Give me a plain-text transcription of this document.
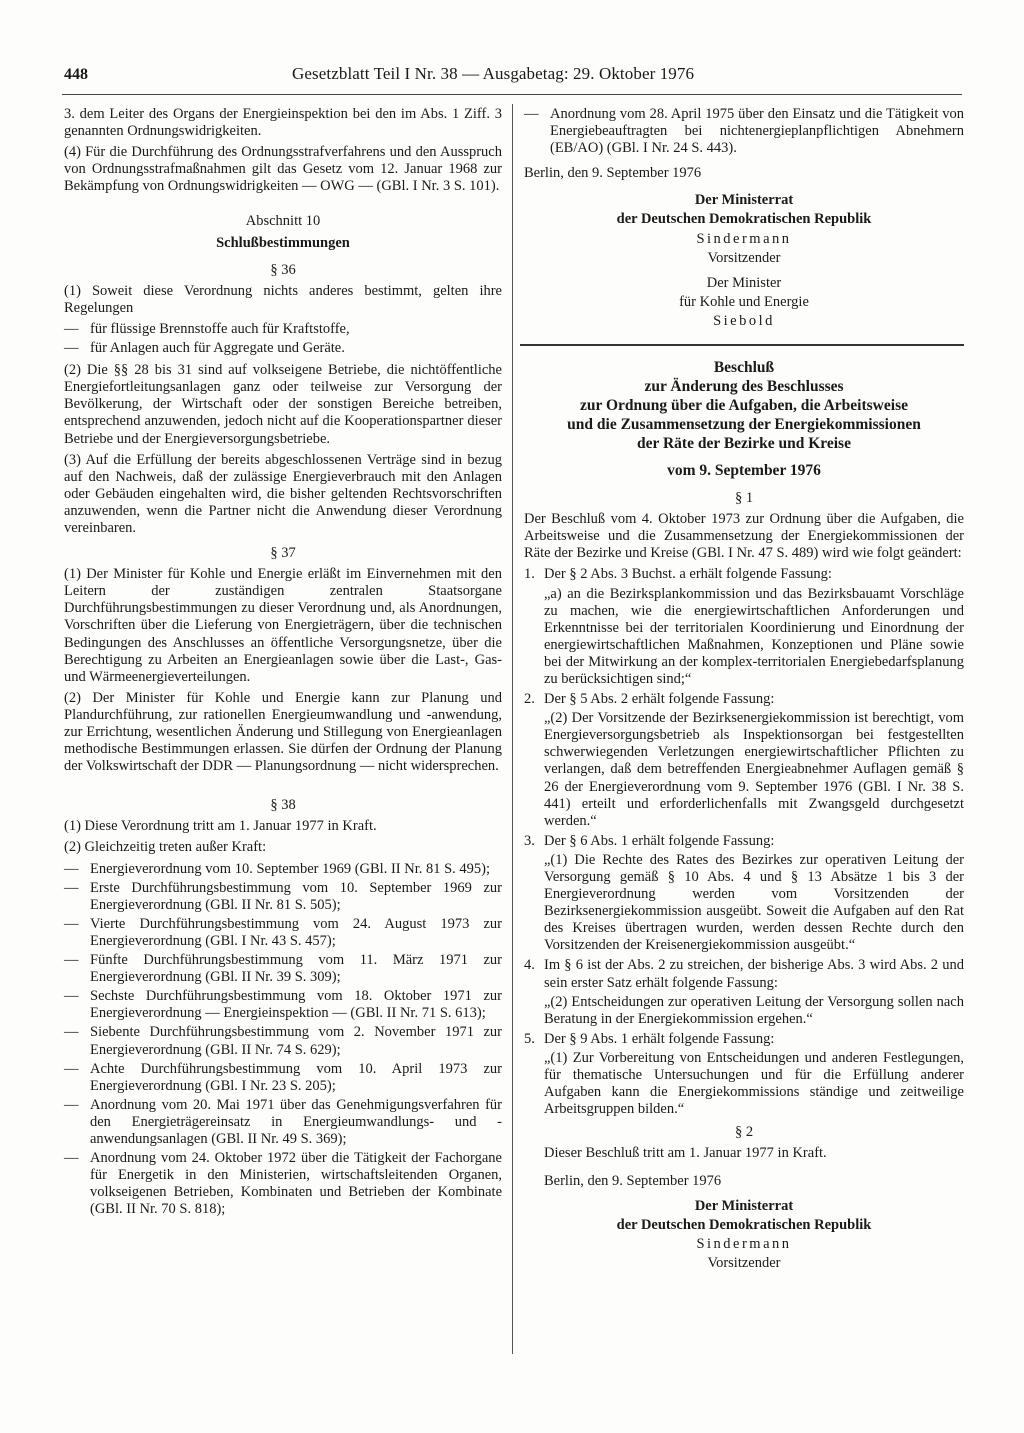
448	Gesetzblatt Teil I Nr. 38 — Ausgabetag: 29. Oktober 1976

3. dem Leiter des Organs der Energieinspektion bei den im Abs. 1 Ziff. 3 genannten Ordnungswidrigkeiten.

(4) Für die Durchführung des Ordnungsstrafverfahrens und den Ausspruch von Ordnungsstrafmaßnahmen gilt das Gesetz vom 12. Januar 1968 zur Bekämpfung von Ordnungswidrigkeiten — OWG — (GBl. I Nr. 3 S. 101).

Abschnitt 10
Schlußbestimmungen
§ 36

(1) Soweit diese Verordnung nichts anderes bestimmt, gelten ihre Regelungen

— für flüssige Brennstoffe auch für Kraftstoffe,
— für Anlagen auch für Aggregate und Geräte.

(2) Die §§ 28 bis 31 sind auf volkseigene Betriebe, die nichtöffentliche Energiefortleitungsanlagen ganz oder teilweise zur Versorgung der Bevölkerung, der Wirtschaft oder der sonstigen Bereiche betreiben, entsprechend anzuwenden, jedoch nicht auf die Kooperationspartner dieser Betriebe und der Energieversorgungsbetriebe.

(3) Auf die Erfüllung der bereits abgeschlossenen Verträge sind in bezug auf den Nachweis, daß der zulässige Energieverbrauch mit den Anlagen oder Gebäuden eingehalten wird, die bisher geltenden Rechtsvorschriften anzuwenden, wenn die Partner nicht die Anwendung dieser Verordnung vereinbaren.

§ 37

(1) Der Minister für Kohle und Energie erläßt im Einvernehmen mit den Leitern der zuständigen zentralen Staatsorgane Durchführungsbestimmungen zu dieser Verordnung und, als Anordnungen, Vorschriften über die Lieferung von Energieträgern, über die technischen Bedingungen des Anschlusses an öffentliche Versorgungsnetze, über die Berechtigung zu Arbeiten an Energieanlagen sowie über die Last-, Gas- und Wärmeenergieverteilungen.

(2) Der Minister für Kohle und Energie kann zur Planung und Plandurchführung, zur rationellen Energieumwandlung und -anwendung, zur Errichtung, wesentlichen Änderung und Stillegung von Energieanlagen methodische Bestimmungen erlassen. Sie dürfen der Ordnung der Planung der Volkswirtschaft der DDR — Planungsordnung — nicht widersprechen.

§ 38

(1) Diese Verordnung tritt am 1. Januar 1977 in Kraft.

(2) Gleichzeitig treten außer Kraft:

— Energieverordnung vom 10. September 1969 (GBl. II Nr. 81 S. 495);
— Erste Durchführungsbestimmung vom 10. September 1969 zur Energieverordnung (GBl. II Nr. 81 S. 505);
— Vierte Durchführungsbestimmung vom 24. August 1973 zur Energieverordnung (GBl. I Nr. 43 S. 457);
— Fünfte Durchführungsbestimmung vom 11. März 1971 zur Energieverordnung (GBl. II Nr. 39 S. 309);
— Sechste Durchführungsbestimmung vom 18. Oktober 1971 zur Energieverordnung — Energieinspektion — (GBl. II Nr. 71 S. 613);
— Siebente Durchführungsbestimmung vom 2. November 1971 zur Energieverordnung (GBl. II Nr. 74 S. 629);
— Achte Durchführungsbestimmung vom 10. April 1973 zur Energieverordnung (GBl. I Nr. 23 S. 205);
— Anordnung vom 20. Mai 1971 über das Genehmigungsverfahren für den Energieträgereinsatz in Energieumwandlungs- und -anwendungsanlagen (GBl. II Nr. 49 S. 369);
— Anordnung vom 24. Oktober 1972 über die Tätigkeit der Fachorgane für Energetik in den Ministerien, wirtschaftsleitenden Organen, volkseigenen Betrieben, Kombinaten und Betrieben der Kombinate (GBl. II Nr. 70 S. 818);
— Anordnung vom 28. April 1975 über den Einsatz und die Tätigkeit von Energiebeauftragten bei nichtenergieplanpflichtigen Abnehmern (EB/AO) (GBl. I Nr. 24 S. 443).

Berlin, den 9. September 1976

Der Ministerrat
der Deutschen Demokratischen Republik
Sindermann
Vorsitzender
Der Minister
für Kohle und Energie
Siebold
Beschluß
zur Änderung des Beschlusses
zur Ordnung über die Aufgaben, die Arbeitsweise
und die Zusammensetzung der Energiekommissionen
der Räte der Bezirke und Kreise
vom 9. September 1976
§ 1

Der Beschluß vom 4. Oktober 1973 zur Ordnung über die Aufgaben, die Arbeitsweise und die Zusammensetzung der Energiekommissionen der Räte der Bezirke und Kreise (GBl. I Nr. 47 S. 489) wird wie folgt geändert:

1. Der § 2 Abs. 3 Buchst. a erhält folgende Fassung:
„a) an die Bezirksplankommission und das Bezirksbauamt Vorschläge zu machen, wie die energiewirtschaftlichen Anforderungen und Erkenntnisse bei der territorialen Koordinierung und Einordnung der energiewirtschaftlichen Maßnahmen, Konzeptionen und Pläne sowie bei der Mitwirkung an der komplex-territorialen Energiebedarfsplanung zu berücksichtigen sind;“
2. Der § 5 Abs. 2 erhält folgende Fassung:
„(2) Der Vorsitzende der Bezirksenergiekommission ist berechtigt, vom Energieversorgungsbetrieb als Inspektionsorgan bei festgestellten schwerwiegenden Verletzungen energiewirtschaftlicher Pflichten zu verlangen, daß dem betreffenden Energieabnehmer Auflagen gemäß § 26 der Energieverordnung vom 9. September 1976 (GBl. I Nr. 38 S. 441) erteilt und erforderlichenfalls mit Zwangsgeld durchgesetzt werden.“
3. Der § 6 Abs. 1 erhält folgende Fassung:
„(1) Die Rechte des Rates des Bezirkes zur operativen Leitung der Versorgung gemäß § 10 Abs. 4 und § 13 Absätze 1 bis 3 der Energieverordnung werden vom Vorsitzenden der Bezirksenergiekommission ausgeübt. Soweit die Aufgaben auf den Rat des Kreises übertragen wurden, werden dessen Rechte durch den Vorsitzenden der Kreisenergiekommission ausgeübt.“
4. Im § 6 ist der Abs. 2 zu streichen, der bisherige Abs. 3 wird Abs. 2 und sein erster Satz erhält folgende Fassung:
„(2) Entscheidungen zur operativen Leitung der Versorgung sollen nach Beratung in der Energiekommission ergehen.“
5. Der § 9 Abs. 1 erhält folgende Fassung:
„(1) Zur Vorbereitung von Entscheidungen und anderen Festlegungen, für thematische Untersuchungen und für die Erfüllung anderer Aufgaben kann die Energiekommissions ständige und zeitweilige Arbeitsgruppen bilden.“
§ 2

Dieser Beschluß tritt am 1. Januar 1977 in Kraft.

Berlin, den 9. September 1976

Der Ministerrat
der Deutschen Demokratischen Republik
Sindermann
Vorsitzender
